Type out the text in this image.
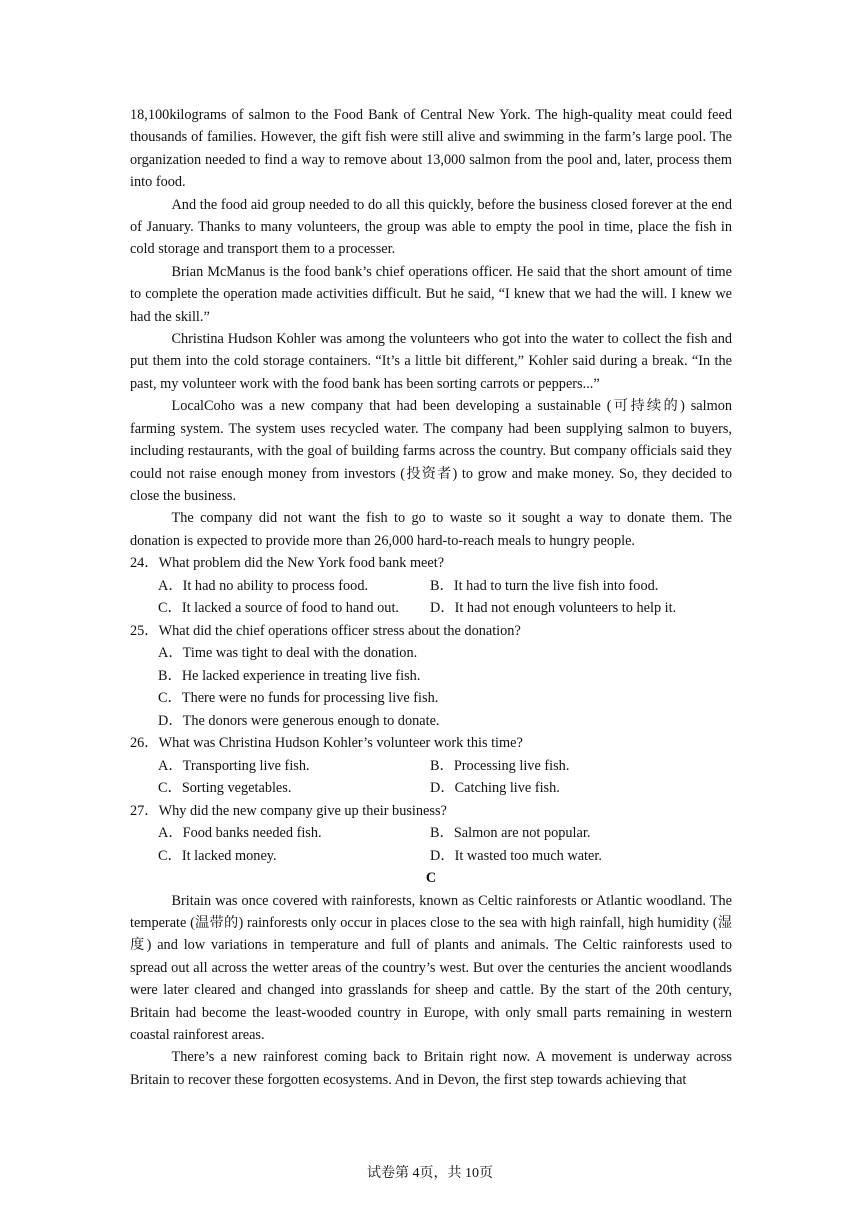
18,100kilograms of salmon to the Food Bank of Central New York. The high-quality meat could feed thousands of families. However, the gift fish were still alive and swimming in the farm’s large pool. The organization needed to find a way to remove about 13,000 salmon from the pool and, later, process them into food.

And the food aid group needed to do all this quickly, before the business closed forever at the end of January. Thanks to many volunteers, the group was able to empty the pool in time, place the fish in cold storage and transport them to a processer.

Brian McManus is the food bank’s chief operations officer. He said that the short amount of time to complete the operation made activities difficult. But he said, “I knew that we had the will. I knew we had the skill.”

Christina Hudson Kohler was among the volunteers who got into the water to collect the fish and put them into the cold storage containers. “It’s a little bit different,” Kohler said during a break. “In the past, my volunteer work with the food bank has been sorting carrots or peppers...”

LocalCoho was a new company that had been developing a sustainable (可持续的) salmon farming system. The system uses recycled water. The company had been supplying salmon to buyers, including restaurants, with the goal of building farms across the country. But company officials said they could not raise enough money from investors (投资者) to grow and make money. So, they decided to close the business.

The company did not want the fish to go to waste so it sought a way to donate them. The donation is expected to provide more than 26,000 hard-to-reach meals to hungry people.

24．What problem did the New York food bank meet?

A．It had no ability to process food.	B．It had to turn the live fish into food.
C．It lacked a source of food to hand out.	D．It had not enough volunteers to help it.

25．What did the chief operations officer stress about the donation?

A．Time was tight to deal with the donation.
B．He lacked experience in treating live fish.
C．There were no funds for processing live fish.
D．The donors were generous enough to donate.

26．What was Christina Hudson Kohler’s volunteer work this time?

A．Transporting live fish.	B．Processing live fish.
C．Sorting vegetables.	D．Catching live fish.

27．Why did the new company give up their business?

A．Food banks needed fish.	B．Salmon are not popular.
C．It lacked money.	D．It wasted too much water.

C

Britain was once covered with rainforests, known as Celtic rainforests or Atlantic woodland. The temperate (温带的) rainforests only occur in places close to the sea with high rainfall, high humidity (湿度) and low variations in temperature and full of plants and animals. The Celtic rainforests used to spread out all across the wetter areas of the country’s west. But over the centuries the ancient woodlands were later cleared and changed into grasslands for sheep and cattle. By the start of the 20th century, Britain had become the least-wooded country in Europe, with only small parts remaining in western coastal rainforest areas.

There’s a new rainforest coming back to Britain right now. A movement is underway across Britain to recover these forgotten ecosystems. And in Devon, the first step towards achieving that

试卷第 4页，共 10页
